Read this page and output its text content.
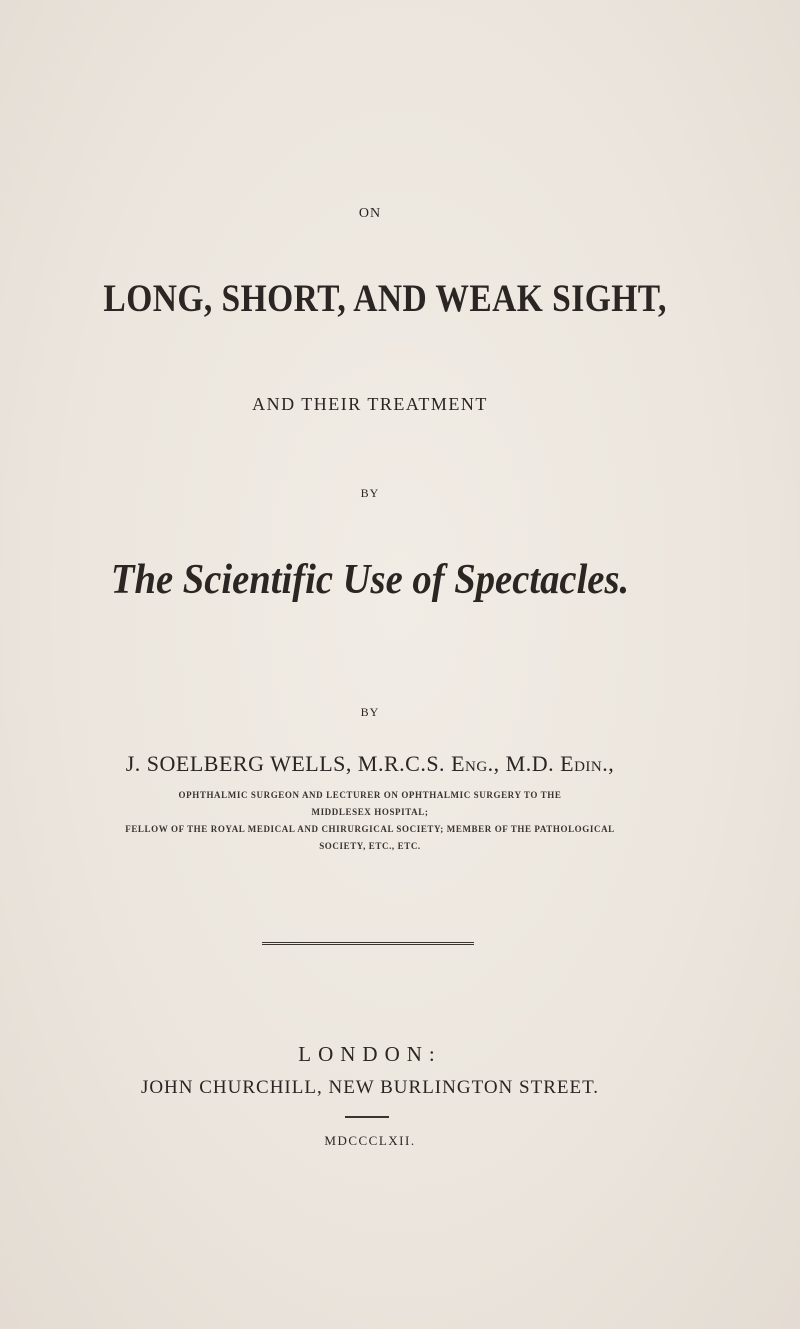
ON
LONG, SHORT, AND WEAK SIGHT,
AND THEIR TREATMENT
BY
The Scientific Use of Spectacles.
BY
J. SOELBERG WELLS, M.R.C.S. Eng., M.D. Edin.,
OPHTHALMIC SURGEON AND LECTURER ON OPHTHALMIC SURGERY TO THE
MIDDLESEX HOSPITAL;
FELLOW OF THE ROYAL MEDICAL AND CHIRURGICAL SOCIETY; MEMBER OF THE PATHOLOGICAL
SOCIETY, ETC., ETC.
LONDON:
JOHN CHURCHILL, NEW BURLINGTON STREET.
MDCCCLXII.
